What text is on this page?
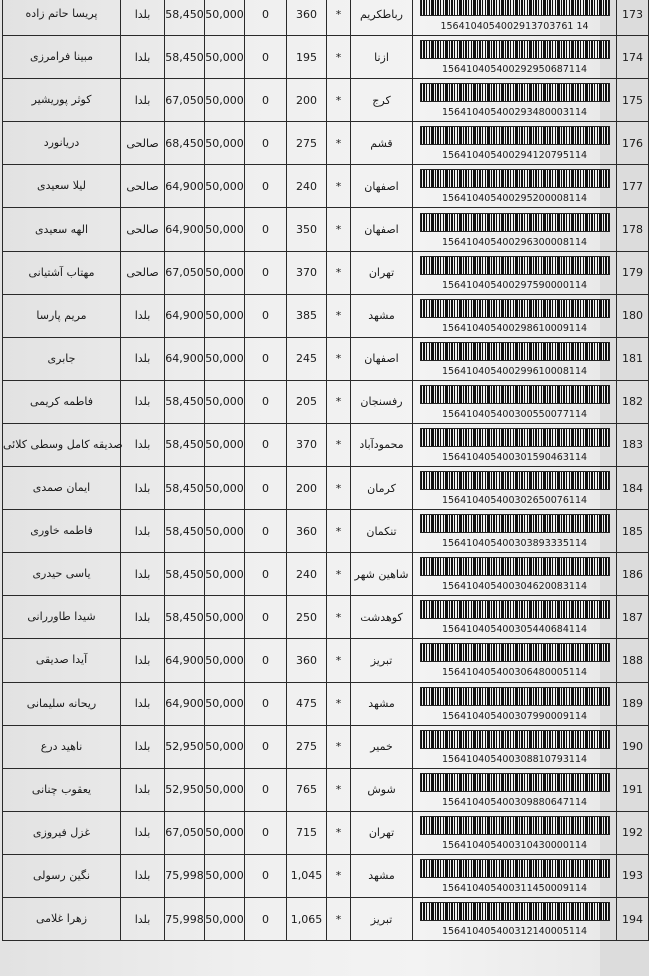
پریسا حاتم زاده	بلدا	58,450	50,000	0	360	*	رباطکریم	1564104054002913703761 14	173
مبینا فرامرزی	بلدا	58,450	50,000	0	195	*	ازنا	156410405400292950687114	174
کوثر پوریشیر	بلدا	67,050	50,000	0	200	*	کرج	156410405400293480003114	175
دریانورد	صالحی	68,450	50,000	0	275	*	قشم	156410405400294120795114	176
لیلا سعیدی	صالحی	64,900	50,000	0	240	*	اصفهان	156410405400295200008114	177
الهه سعیدی	صالحی	64,900	50,000	0	350	*	اصفهان	156410405400296300008114	178
مهتاب آشتیانی	صالحی	67,050	50,000	0	370	*	تهران	156410405400297590000114	179
مریم پارسا	بلدا	64,900	50,000	0	385	*	مشهد	156410405400298610009114	180
جابری	بلدا	64,900	50,000	0	245	*	اصفهان	156410405400299610008114	181
فاطمه کریمی	بلدا	58,450	50,000	0	205	*	رفسنجان	156410405400300550077114	182
صدیقه کامل وسطی کلائی	بلدا	58,450	50,000	0	370	*	محمودآباد	156410405400301590463114	183
ایمان صمدی	بلدا	58,450	50,000	0	200	*	کرمان	156410405400302650076114	184
فاطمه خاوری	بلدا	58,450	50,000	0	360	*	تنکمان	156410405400303893335114	185
یاسی حیدری	بلدا	58,450	50,000	0	240	*	شاهین شهر	156410405400304620083114	186
شیدا طاوررانی	بلدا	58,450	50,000	0	250	*	کوهدشت	156410405400305440684114	187
آیدا صدیقی	بلدا	64,900	50,000	0	360	*	تبریز	156410405400306480005114	188
ریحانه سلیمانی	بلدا	64,900	50,000	0	475	*	مشهد	156410405400307990009114	189
ناهید درع	بلدا	52,950	50,000	0	275	*	خمیر	156410405400308810793114	190
یعقوب چنانی	بلدا	52,950	50,000	0	765	*	شوش	156410405400309880647114	191
غزل فیروزی	بلدا	67,050	50,000	0	715	*	تهران	156410405400310430000114	192
نگین رسولی	بلدا	75,998	50,000	0	1,045	*	مشهد	156410405400311450009114	193
زهرا غلامی	بلدا	75,998	50,000	0	1,065	*	تبریز	156410405400312140005114	194
